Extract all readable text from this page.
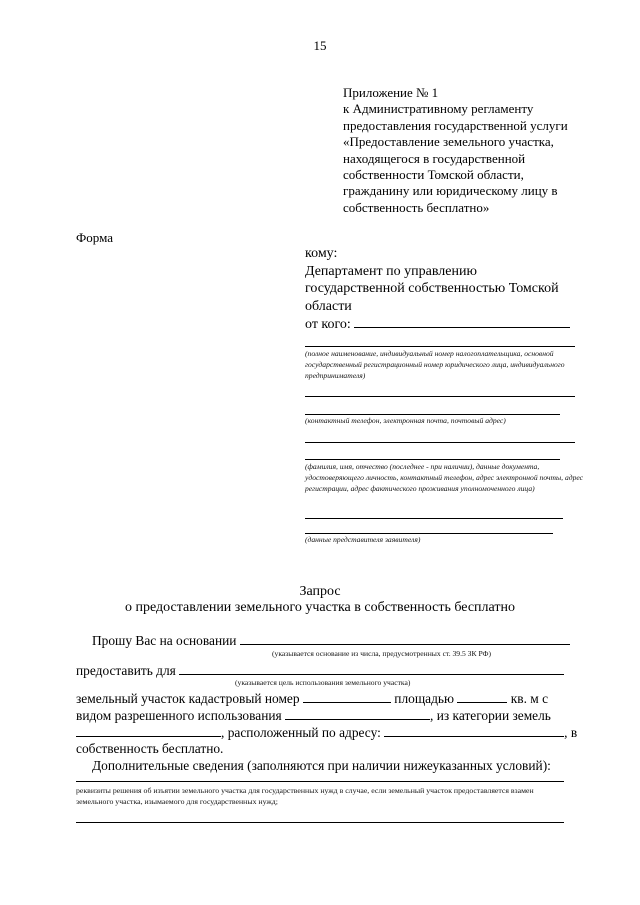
15
Приложение № 1
к Административному регламенту
предоставления государственной услуги
«Предоставление земельного участка,
находящегося в государственной
собственности Томской области,
гражданину или юридическому лицу в
собственность бесплатно»
Форма
кому:
Департамент по управлению
государственной собственностью Томской
области
от кого:
(полное наименование, индивидуальный номер налогоплательщика, основной государственный регистрационный номер юридического лица, индивидуального предпринимателя)
(контактный телефон, электронная почта, почтовый адрес)
(фамилия, имя, отчество (последнее - при наличии), данные документа, удостоверяющего личность, контактный телефон, адрес электронной почты, адрес регистрации, адрес фактического проживания уполномоченного лица)
(данные представителя заявителя)
Запрос
о предоставлении земельного участка в собственность бесплатно
Прошу Вас на основании
(указывается основание из числа, предусмотренных ст. 39.5 ЗК РФ)
предоставить для
(указывается цель использования земельного участка)
земельный участок кадастровый номер	площадью	кв. м с
видом разрешенного использования	, из категории земель
, расположенный по адресу:	, в
собственность бесплатно.
Дополнительные сведения (заполняются при наличии нижеуказанных условий):
реквизиты решения об изъятии земельного участка для государственных нужд в случае, если земельный участок предоставляется взамен земельного участка, изымаемого для государственных нужд;
